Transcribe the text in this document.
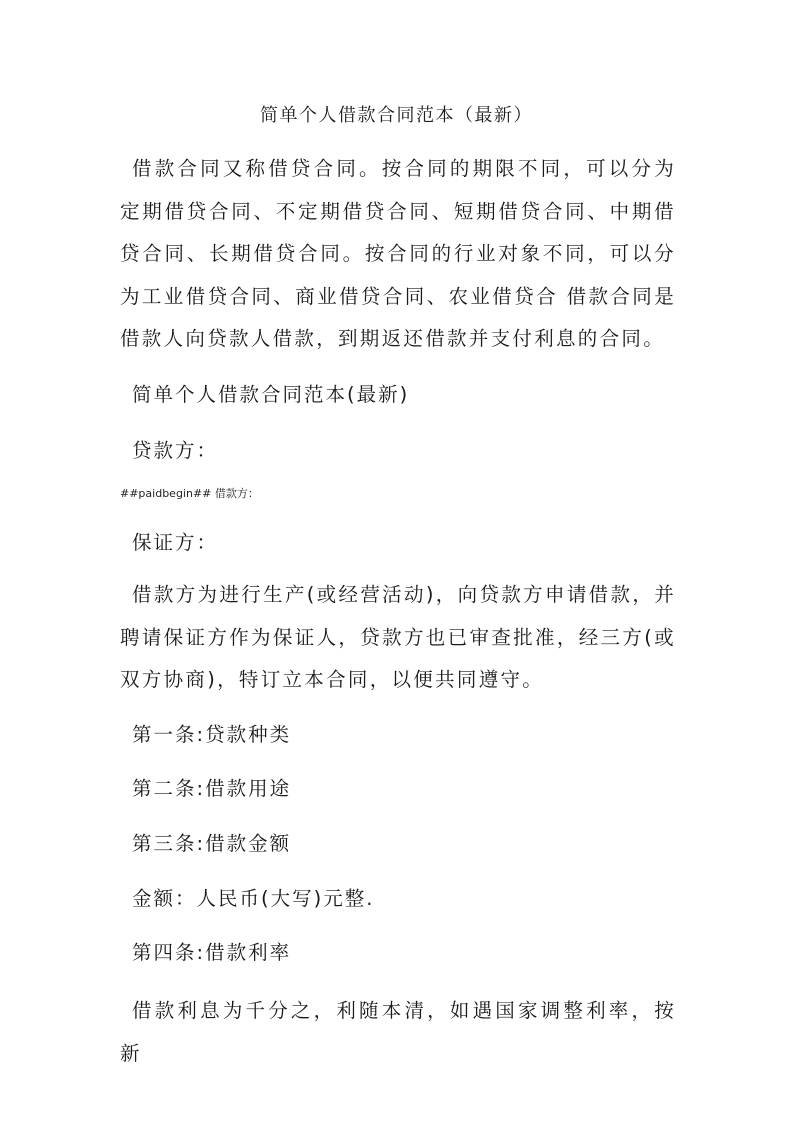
简单个人借款合同范本（最新）
借款合同又称借贷合同。按合同的期限不同，可以分为定期借贷合同、不定期借贷合同、短期借贷合同、中期借贷合同、长期借贷合同。按合同的行业对象不同，可以分为工业借贷合同、商业借贷合同、农业借贷合 借款合同是借款人向贷款人借款，到期返还借款并支付利息的合同。
简单个人借款合同范本(最新)
贷款方：
##paidbegin## 借款方：
保证方：
借款方为进行生产(或经营活动)，向贷款方申请借款，并聘请保证方作为保证人，贷款方也已审查批准，经三方(或双方协商)，特订立本合同，以便共同遵守。
第一条:贷款种类
第二条:借款用途
第三条:借款金额
金额：人民币(大写)元整.
第四条:借款利率
借款利息为千分之，利随本清，如遇国家调整利率，按新
